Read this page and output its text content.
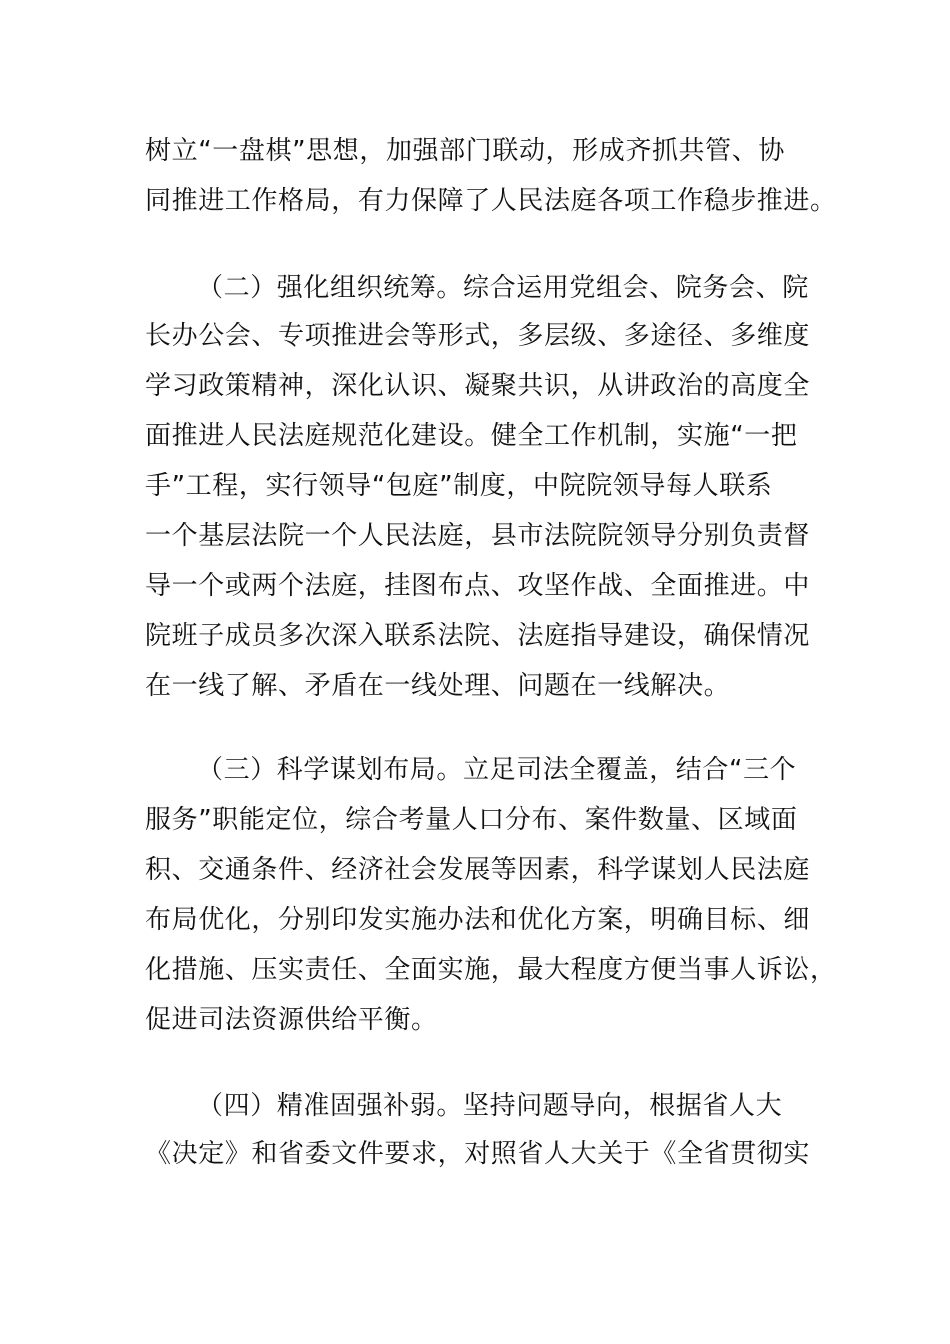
树立“一盘棋”思想，加强部门联动，形成齐抓共管、协
同推进工作格局，有力保障了人民法庭各项工作稳步推进。
（二）强化组织统筹。综合运用党组会、院务会、院
长办公会、专项推进会等形式，多层级、多途径、多维度
学习政策精神，深化认识、凝聚共识，从讲政治的高度全
面推进人民法庭规范化建设。健全工作机制，实施“一把
手”工程，实行领导“包庭”制度，中院院领导每人联系
一个基层法院一个人民法庭，县市法院院领导分别负责督
导一个或两个法庭，挂图布点、攻坚作战、全面推进。中
院班子成员多次深入联系法院、法庭指导建设，确保情况
在一线了解、矛盾在一线处理、问题在一线解决。
（三）科学谋划布局。立足司法全覆盖，结合“三个
服务”职能定位，综合考量人口分布、案件数量、区域面
积、交通条件、经济社会发展等因素，科学谋划人民法庭
布局优化，分别印发实施办法和优化方案，明确目标、细
化措施、压实责任、全面实施，最大程度方便当事人诉讼，
促进司法资源供给平衡。
（四）精准固强补弱。坚持问题导向，根据省人大
《决定》和省委文件要求，对照省人大关于《全省贯彻实
